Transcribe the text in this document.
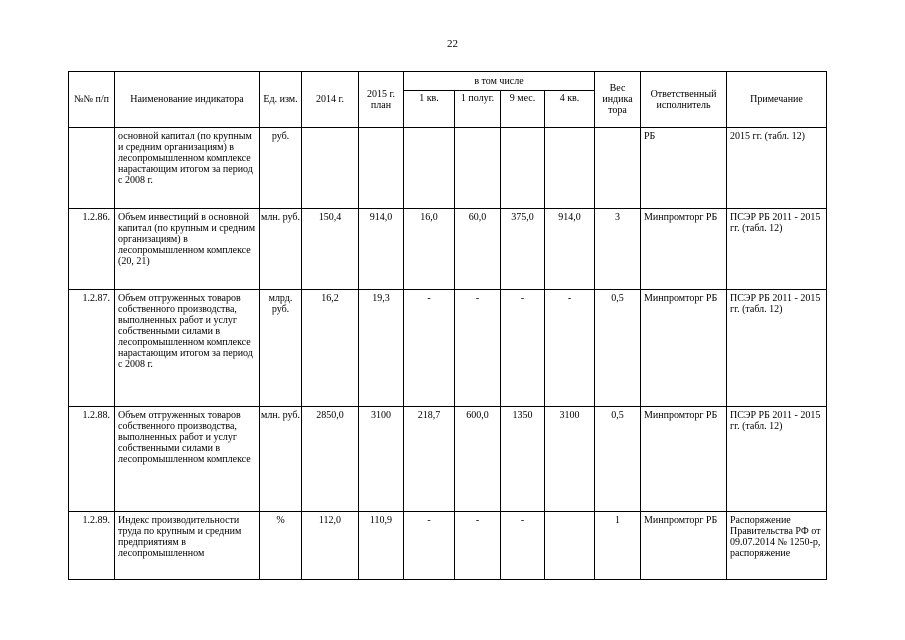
22
№№ п/п	Наименование индикатора	Ед. изм.	2014 г.	2015 г. план	в том числе				Вес индика тора	Ответственный исполнитель	Примечание
					1 кв.	1 полуг.	9 мес.	4 кв.			
	основной капитал (по крупным и средним организациям) в лесопромышленном комплексе нарастающим итогом за период с 2008 г.	руб.								РБ	2015 гг. (табл. 12)
1.2.86.	Объем инвестиций в основной капитал (по крупным и средним организациям) в лесопромышленном комплексе (20, 21)	млн. руб.	150,4	914,0	16,0	60,0	375,0	914,0	3	Минпромторг РБ	ПСЭР РБ 2011 - 2015 гг. (табл. 12)
1.2.87.	Объем отгруженных товаров собственного производства, выполненных работ и услуг собственными силами в лесопромышленном комплексе нарастающим итогом за период с 2008 г.	млрд. руб.	16,2	19,3	-	-	-	-	0,5	Минпромторг РБ	ПСЭР РБ 2011 - 2015 гг. (табл. 12)
1.2.88.	Объем отгруженных товаров собственного производства, выполненных работ и услуг собственными силами в лесопромышленном комплексе	млн. руб.	2850,0	3100	218,7	600,0	1350	3100	0,5	Минпромторг РБ	ПСЭР РБ 2011 - 2015 гг. (табл. 12)
1.2.89.	Индекс производительности труда по крупным и средним предприятиям в лесопромышленном	%	112,0	110,9	-	-	-		1	Минпромторг РБ	Распоряжение Правительства РФ от 09.07.2014 № 1250-р, распоряжение
